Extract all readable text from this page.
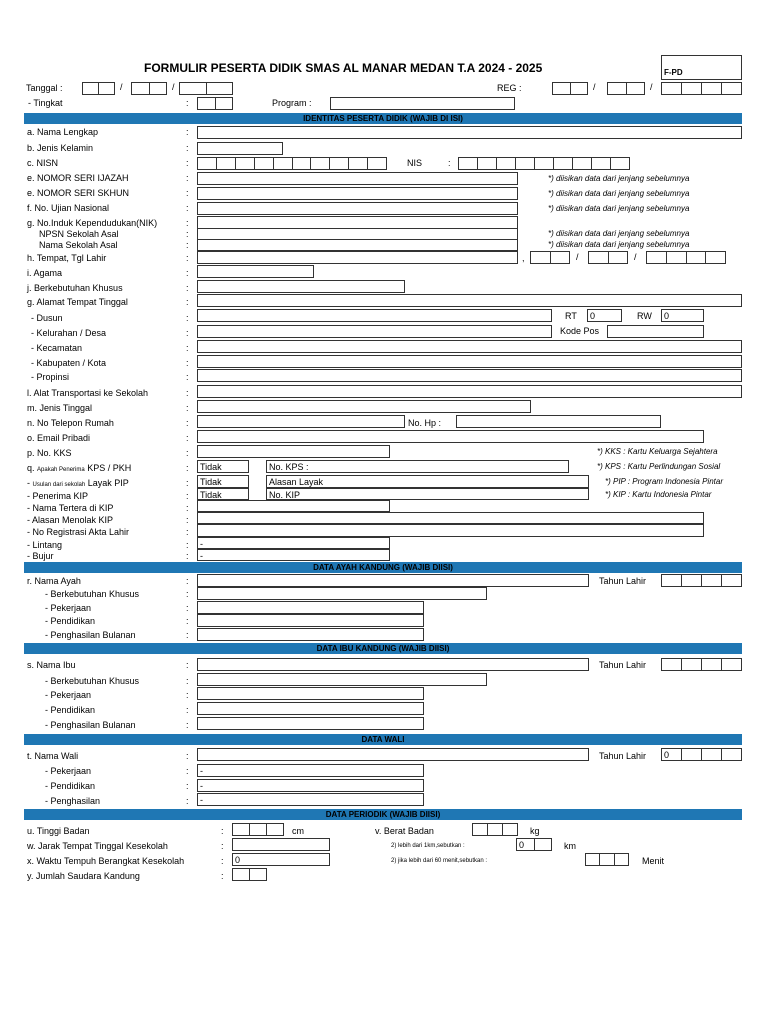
FORMULIR PESERTA DIDIK SMAS AL MANAR MEDAN T.A 2024 - 2025	F-PD
Tanggal :	/	/	REG :	/	/
- Tingkat	:	Program :
IDENTITAS PESERTA DIDIK (WAJIB DI ISI)
a. Nama Lengkap	:
b. Jenis Kelamin	:
c. NISN	:	NIS	:
e. NOMOR SERI IJAZAH	:	*) diisikan data dari jenjang sebelumnya
e. NOMOR SERI SKHUN	:	*) diisikan data dari jenjang sebelumnya
f. No. Ujian Nasional	:	*) diisikan data dari jenjang sebelumnya
g. No.Induk Kependudukan(NIK)	:
NPSN Sekolah Asal	:	*) diisikan data dari jenjang sebelumnya
Nama Sekolah Asal	:	*) diisikan data dari jenjang sebelumnya
h. Tempat, Tgl Lahir	:	,	/	/
i. Agama	:
j. Berkebutuhan Khusus	:
g. Alamat Tempat Tinggal	:
- Dusun	:	RT	0	RW	0
- Kelurahan / Desa	:	Kode Pos
- Kecamatan	:
- Kabupaten / Kota	:
- Propinsi	:
l. Alat Transportasi ke Sekolah	:
m. Jenis Tinggal	:
n. No Telepon Rumah	:	No. Hp :
o. Email Pribadi	:
p. No. KKS	:	*) KKS : Kartu Keluarga Sejahtera
q. Apakah Penerima KPS / PKH	:	Tidak	No. KPS :	*) KPS : Kartu Perlindungan Sosial
- Usulan dari sekolah Layak PIP	:	Tidak	Alasan Layak	*) PIP : Program Indonesia Pintar
- Penerima KIP	:	Tidak	No. KIP	*) KIP : Kartu Indonesia Pintar
- Nama Tertera di KIP	:
- Alasan Menolak KIP	:
- No Registrasi Akta Lahir	:
- Lintang	:	-
- Bujur	:	-
DATA AYAH KANDUNG (WAJIB DIISI)
r. Nama Ayah	:	Tahun Lahir
- Berkebutuhan Khusus	:
- Pekerjaan	:
- Pendidikan	:
- Penghasilan Bulanan	:
DATA IBU KANDUNG (WAJIB DIISI)
s. Nama Ibu	:	Tahun Lahir
- Berkebutuhan Khusus	:
- Pekerjaan	:
- Pendidikan	:
- Penghasilan Bulanan	:
DATA WALI
t. Nama Wali	:	Tahun Lahir 0
- Pekerjaan	:	-
- Pendidikan	:	-
- Penghasilan	:	-
DATA PERIODIK (WAJIB DIISI)
u. Tinggi Badan	:	cm	v. Berat Badan	kg
w. Jarak Tempat Tinggal Kesekolah	:	2) lebih dari 1km,sebutkan :	0	km
x. Waktu Tempuh Berangkat Kesekolah	:	0	2) jika lebih dari 60 menit,sebutkan :	Menit
y. Jumlah Saudara Kandung	:
